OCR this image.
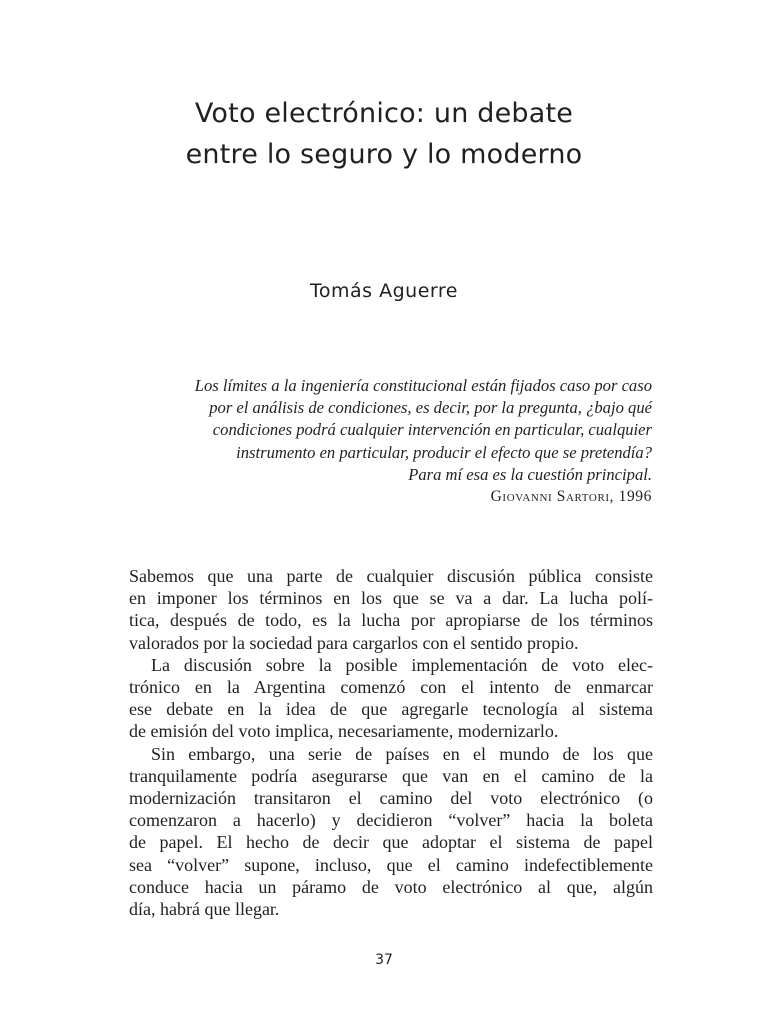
Voto electrónico: un debate
entre lo seguro y lo moderno
Tomás Aguerre
Los límites a la ingeniería constitucional están fijados caso por caso
por el análisis de condiciones, es decir, por la pregunta, ¿bajo qué
condiciones podrá cualquier intervención en particular, cualquier
instrumento en particular, producir el efecto que se pretendía?
Para mí esa es la cuestión principal.
Giovanni Sartori, 1996
Sabemos que una parte de cualquier discusión pública consiste
en imponer los términos en los que se va a dar. La lucha polí-
tica, después de todo, es la lucha por apropiarse de los términos
valorados por la sociedad para cargarlos con el sentido propio.
La discusión sobre la posible implementación de voto elec-
trónico en la Argentina comenzó con el intento de enmarcar
ese debate en la idea de que agregarle tecnología al sistema
de emisión del voto implica, necesariamente, modernizarlo.
Sin embargo, una serie de países en el mundo de los que
tranquilamente podría asegurarse que van en el camino de la
modernización transitaron el camino del voto electrónico (o
comenzaron a hacerlo) y decidieron “volver” hacia la boleta
de papel. El hecho de decir que adoptar el sistema de papel
sea “volver” supone, incluso, que el camino indefectiblemente
conduce hacia un páramo de voto electrónico al que, algún
día, habrá que llegar.
37
